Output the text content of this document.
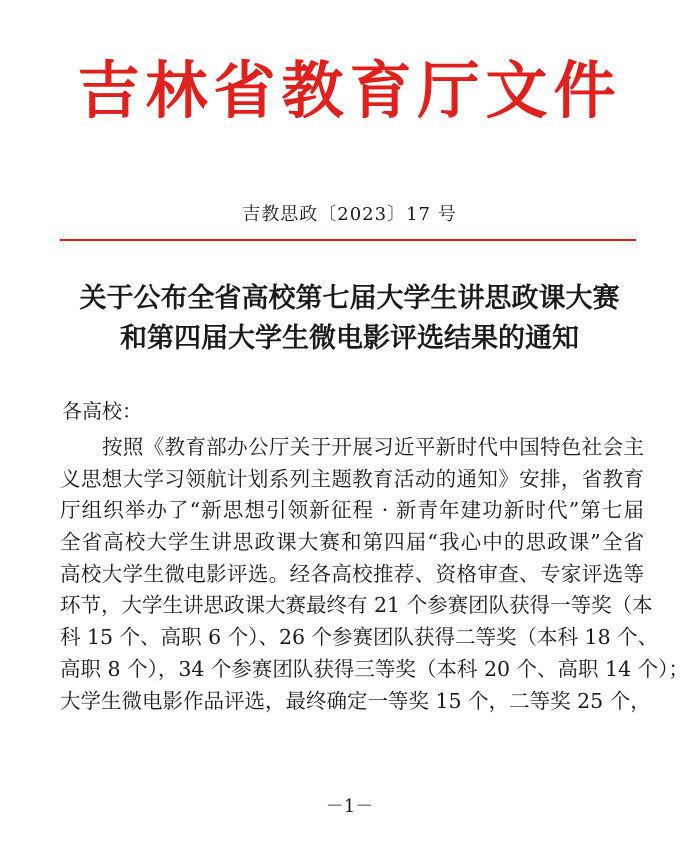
吉林省教育厅文件
吉教思政〔2023〕17 号
关于公布全省高校第七届大学生讲思政课大赛
和第四届大学生微电影评选结果的通知
各高校：
按照《教育部办公厅关于开展习近平新时代中国特色社会主
义思想大学习领航计划系列主题教育活动的通知》安排，省教育
厅组织举办了“新思想引领新征程 · 新青年建功新时代”第七届
全省高校大学生讲思政课大赛和第四届“我心中的思政课”全省
高校大学生微电影评选。经各高校推荐、资格审查、专家评选等
环节，大学生讲思政课大赛最终有 21 个参赛团队获得一等奖（本
科 15 个、高职 6 个）、26 个参赛团队获得二等奖（本科 18 个、
高职 8 个），34 个参赛团队获得三等奖（本科 20 个、高职 14 个）；
大学生微电影作品评选，最终确定一等奖 15 个，二等奖 25 个，
－1－
